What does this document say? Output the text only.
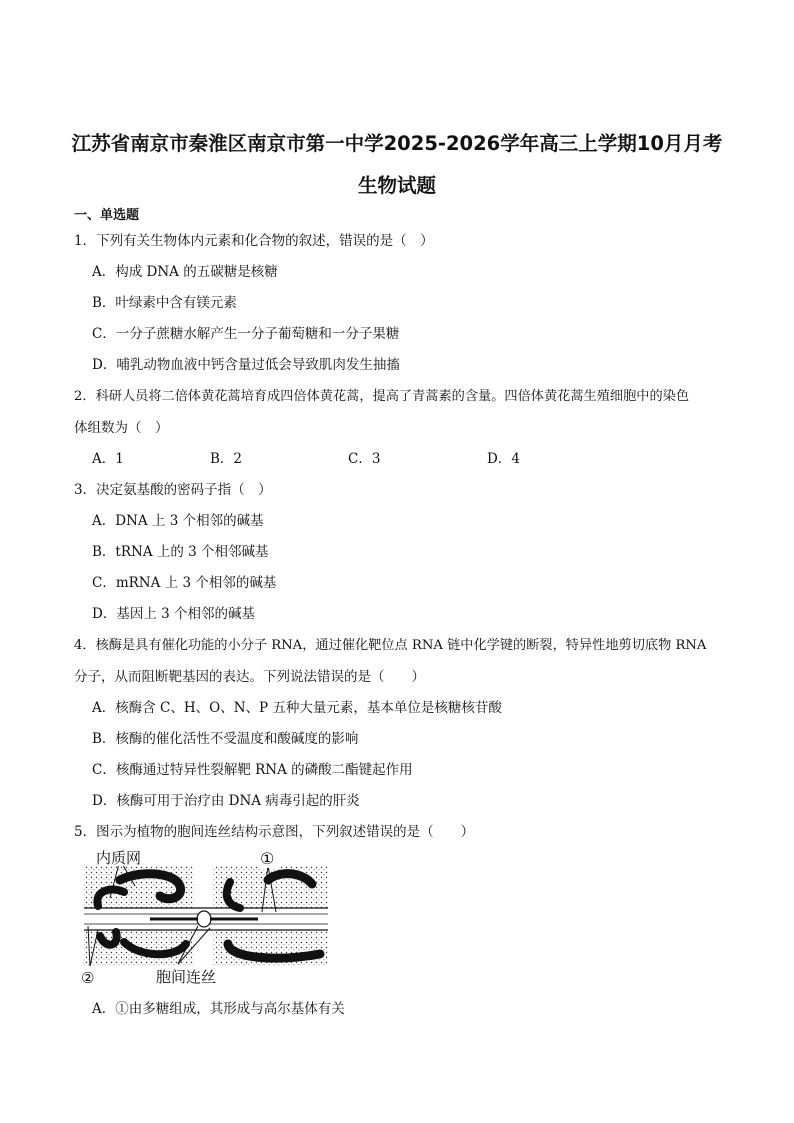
江苏省南京市秦淮区南京市第一中学2025-2026学年高三上学期10月月考
生物试题
一、单选题
1．下列有关生物体内元素和化合物的叙述，错误的是（　）
A．构成 DNA 的五碳糖是核糖
B．叶绿素中含有镁元素
C．一分子蔗糖水解产生一分子葡萄糖和一分子果糖
D．哺乳动物血液中钙含量过低会导致肌肉发生抽搐
2．科研人员将二倍体黄花蒿培育成四倍体黄花蒿，提高了青蒿素的含量。四倍体黄花蒿生殖细胞中的染色
体组数为（　）
A．1	B．2	C．3	D．4
3．决定氨基酸的密码子指（　）
A．DNA 上 3 个相邻的碱基
B．tRNA 上的 3 个相邻碱基
C．mRNA 上 3 个相邻的碱基
D．基因上 3 个相邻的碱基
4．核酶是具有催化功能的小分子 RNA，通过催化靶位点 RNA 链中化学键的断裂，特异性地剪切底物 RNA
分子，从而阻断靶基因的表达。下列说法错误的是（　　）
A．核酶含 C、H、O、N、P 五种大量元素，基本单位是核糖核苷酸
B．核酶的催化活性不受温度和酸碱度的影响
C．核酶通过特异性裂解靶 RNA 的磷酸二酯键起作用
D．核酶可用于治疗由 DNA 病毒引起的肝炎
5．图示为植物的胞间连丝结构示意图，下列叙述错误的是（　　）
内质网	①
②	胞间连丝
A．①由多糖组成，其形成与高尔基体有关
